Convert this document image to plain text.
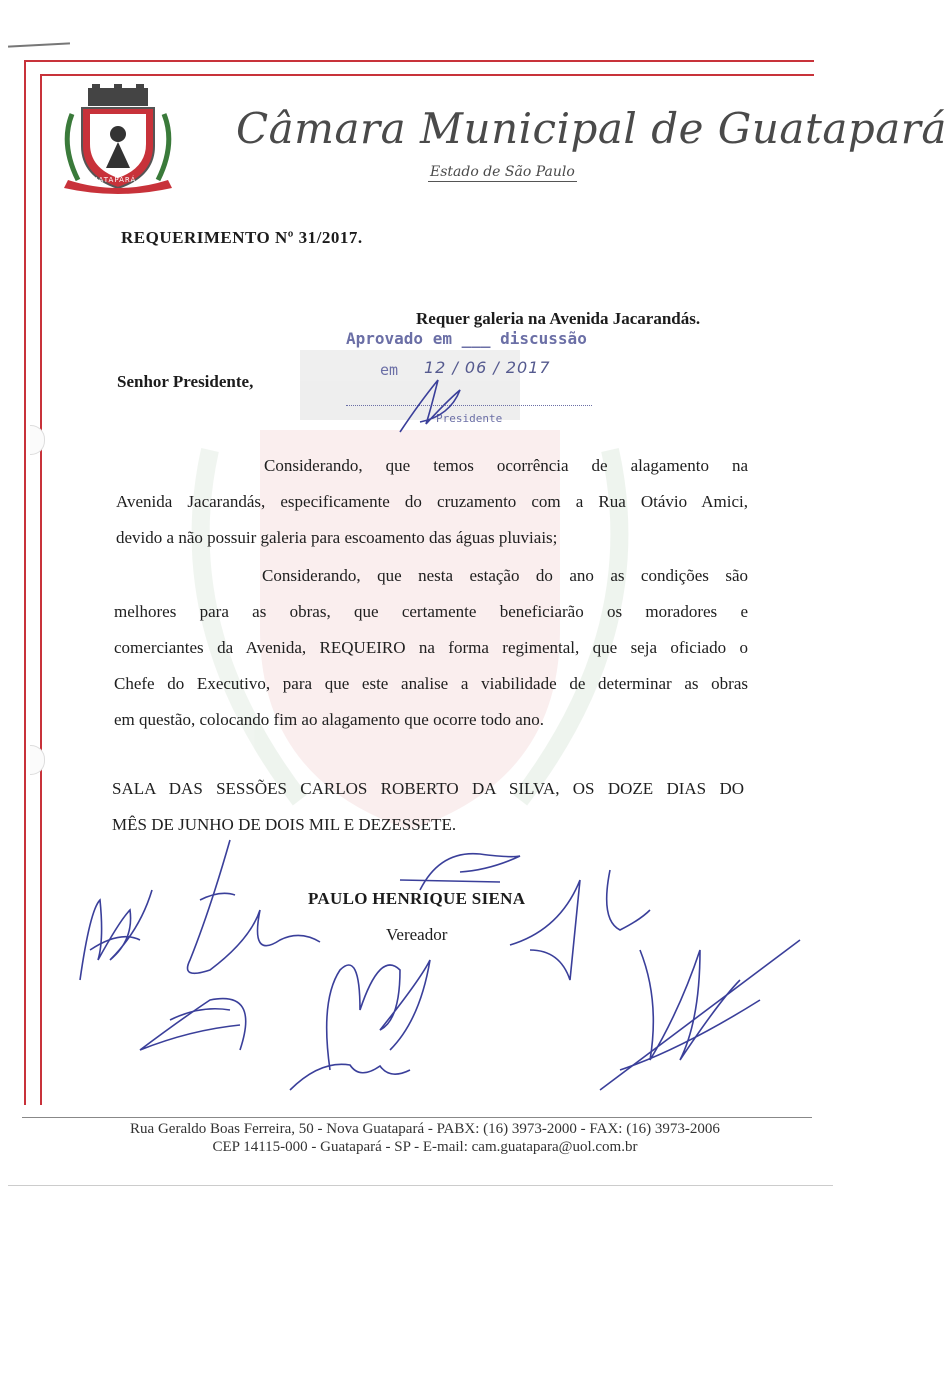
GUATAPARÁ
Câmara Municipal de Guatapará
Estado de São Paulo
REQUERIMENTO Nº 31/2017.
Requer galeria na Avenida Jacarandás.
Aprovado em ___ discussão
em 12 / 06 / 2017
Presidente
Senhor Presidente,
Considerando, que temos ocorrência de alagamento na
Avenida Jacarandás, especificamente do cruzamento com a Rua Otávio Amici,
devido a não possuir galeria para escoamento das águas pluviais;
Considerando, que nesta estação do ano as condições são
melhores para as obras, que certamente beneficiarão os moradores e
comerciantes da Avenida, REQUEIRO na forma regimental, que seja oficiado o
Chefe do Executivo, para que este analise a viabilidade de determinar as obras
em questão, colocando fim ao alagamento que ocorre todo ano.
SALA DAS SESSÕES CARLOS ROBERTO DA SILVA, OS DOZE DIAS DO
MÊS DE JUNHO DE DOIS MIL E DEZESSETE.
PAULO HENRIQUE SIENA
Vereador
Rua Geraldo Boas Ferreira, 50 - Nova Guatapará - PABX: (16) 3973-2000 - FAX: (16) 3973-2006
CEP 14115-000 - Guatapará - SP - E-mail: cam.guatapara@uol.com.br
